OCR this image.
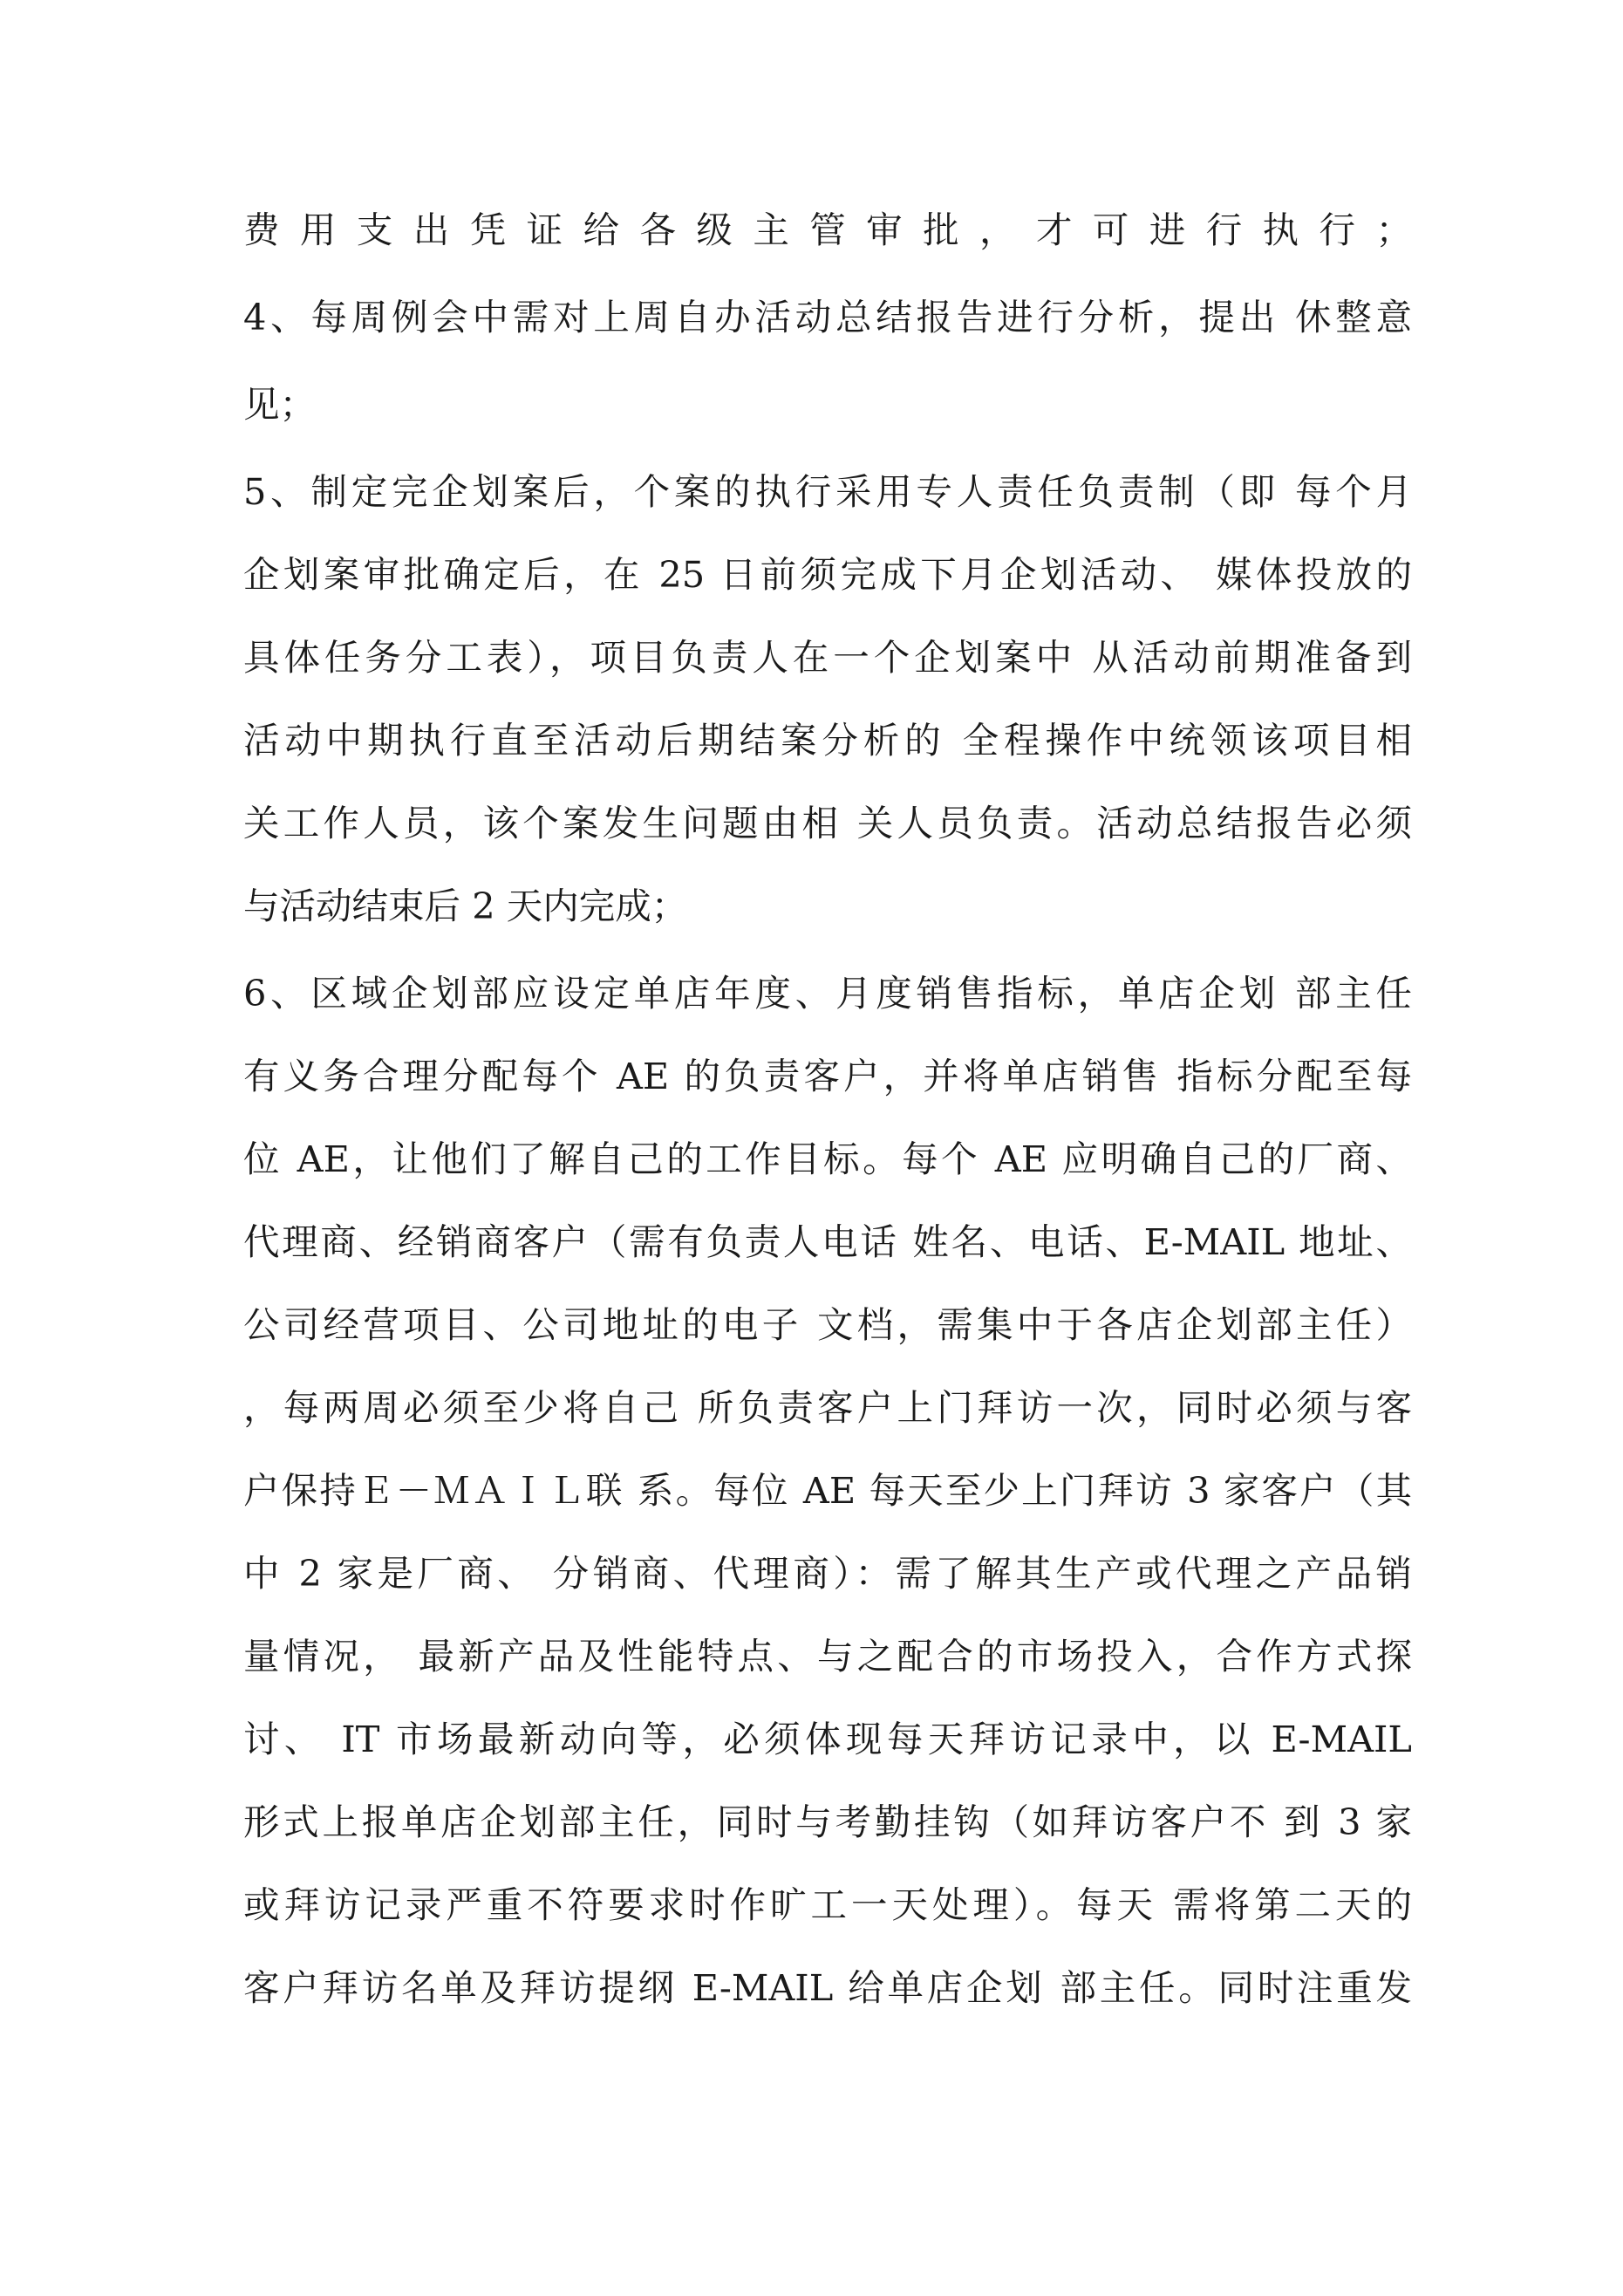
费用支出凭证给各级主管审批，才可进行执行；
4、每周例会中需对上周自办活动总结报告进行分析，提出 休整意
见；
5、制定完企划案后，个案的执行采用专人责任负责制（即 每个月
企划案审批确定后，在 25 日前须完成下月企划活动、 媒体投放的
具体任务分工表），项目负责人在一个企划案中 从活动前期准备到
活动中期执行直至活动后期结案分析的 全程操作中统领该项目相
关工作人员，该个案发生问题由相 关人员负责。活动总结报告必须
与活动结束后 2 天内完成；
6、区域企划部应设定单店年度、月度销售指标，单店企划 部主任
有义务合理分配每个 AE 的负责客户，并将单店销售 指标分配至每
位 AE，让他们了解自己的工作目标。每个 AE 应明确自己的厂商、
代理商、经销商客户（需有负责人电话 姓名、电话、E-MAIL 地址、
公司经营项目、公司地址的电子 文档，需集中于各店企划部主任）
，每两周必须至少将自己 所负责客户上门拜访一次，同时必须与客
户保持Ｅ－ＭＡＩＬ联 系。每位 AE 每天至少上门拜访 3 家客户（其
中 2 家是厂商、 分销商、代理商）：需了解其生产或代理之产品销
量情况， 最新产品及性能特点、与之配合的市场投入，合作方式探
讨、 IT 市场最新动向等，必须体现每天拜访记录中，以 E-MAIL
形式上报单店企划部主任，同时与考勤挂钩（如拜访客户不 到 3 家
或拜访记录严重不符要求时作旷工一天处理）。每天 需将第二天的
客户拜访名单及拜访提纲 E-MAIL 给单店企划 部主任。同时注重发
